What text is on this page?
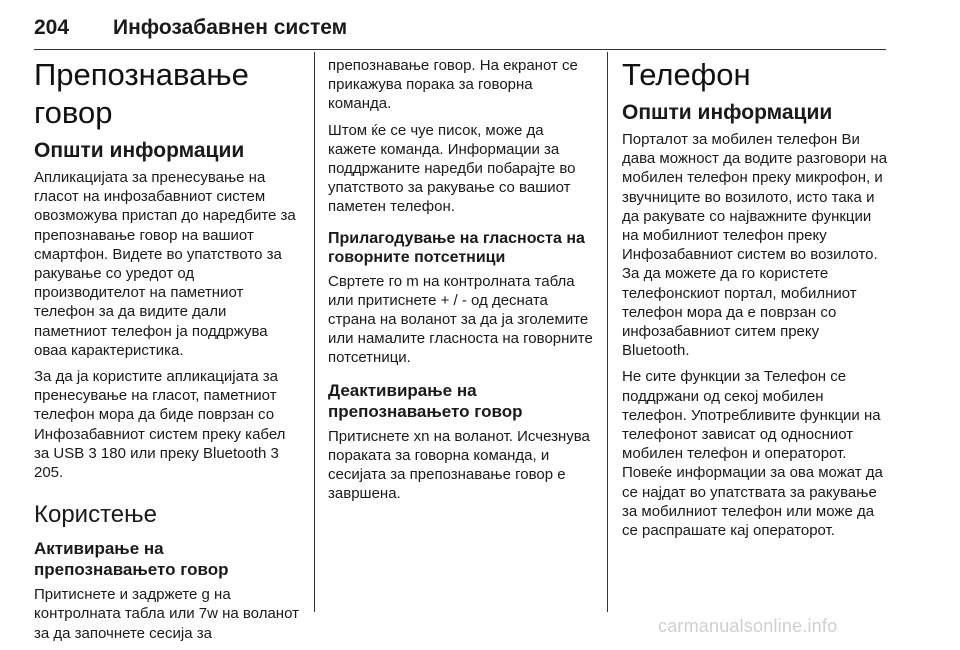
204 Инфозабавнен систем
Препознавање говор
Општи информации

Апликацијата за пренесување на гласот на инфозабавниот систем овозможува пристап до наредбите за препознавање говор на вашиот смартфон. Видете во упатството за ракување со уредот од производителот на паметниот телефон за да видите дали паметниот телефон ја поддржува оваа карактеристика.

За да ја користите апликацијата за пренесување на гласот, паметниот телефон мора да биде поврзан со Инфозабавниот систем преку кабел за USB 3 180 или преку Bluetooth 3 205.

Користење
Активирање на препознавањето говор

Притиснете и задржете g на контролната табла или 7w на воланот за да започнете сесија за

препознавање говор. На екранот се прикажува порака за говорна команда.

Штом ќе се чуе писок, може да кажете команда. Информации за поддржаните наредби побарајте во упатството за ракување со вашиот паметен телефон.

Прилагодување на гласноста на говорните потсетници

Свртете го m на контролната табла или притиснете + / - од десната страна на воланот за да ја зголемите или намалите гласноста на говорните потсетници.

Деактивирање на препознавањето говор

Притиснете xn на воланот. Исчезнува пораката за говорна команда, и сесијата за препознавање говор е завршена.

Телефон
Општи информации

Порталот за мобилен телефон Ви дава можност да водите разговори на мобилен телефон преку микрофон, и звучниците во возилото, исто така и да ракувате со најважните функции на мобилниот телефон преку Инфозабавниот систем во возилото. За да можете да го користете телефонскиот портал, мобилниот телефон мора да е поврзан со инфозабавниот ситем преку Bluetooth.

Не сите функции за Телефон се поддржани од секој мобилен телефон. Употребливите функции на телефонот зависат од односниот мобилен телефон и операторот. Повеќе информации за ова можат да се најдат во упатствата за ракување за мобилниот телефон или може да се распрашате кај операторот.

carmanualsonline.info
